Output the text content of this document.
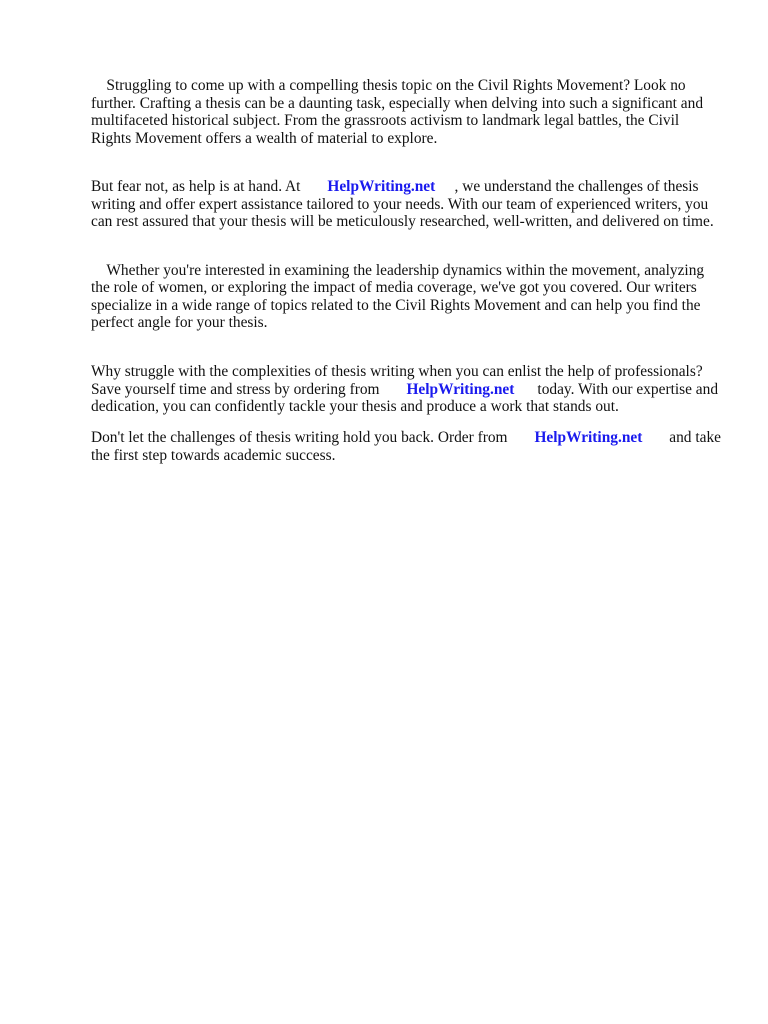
Struggling to come up with a compelling thesis topic on the Civil Rights Movement? Look no further. Crafting a thesis can be a daunting task, especially when delving into such a significant and multifaceted historical subject. From the grassroots activism to landmark legal battles, the Civil Rights Movement offers a wealth of material to explore.

But fear not, as help is at hand. At       HelpWriting.net     , we understand the challenges of thesis writing and offer expert assistance tailored to your needs. With our team of experienced writers, you can rest assured that your thesis will be meticulously researched, well-written, and delivered on time.

Whether you're interested in examining the leadership dynamics within the movement, analyzing the role of women, or exploring the impact of media coverage, we've got you covered. Our writers specialize in a wide range of topics related to the Civil Rights Movement and can help you find the perfect angle for your thesis.

Why struggle with the complexities of thesis writing when you can enlist the help of professionals? Save yourself time and stress by ordering from       HelpWriting.net      today. With our expertise and dedication, you can confidently tackle your thesis and produce a work that stands out.

Don't let the challenges of thesis writing hold you back. Order from       HelpWriting.net       and take the first step towards academic success.
